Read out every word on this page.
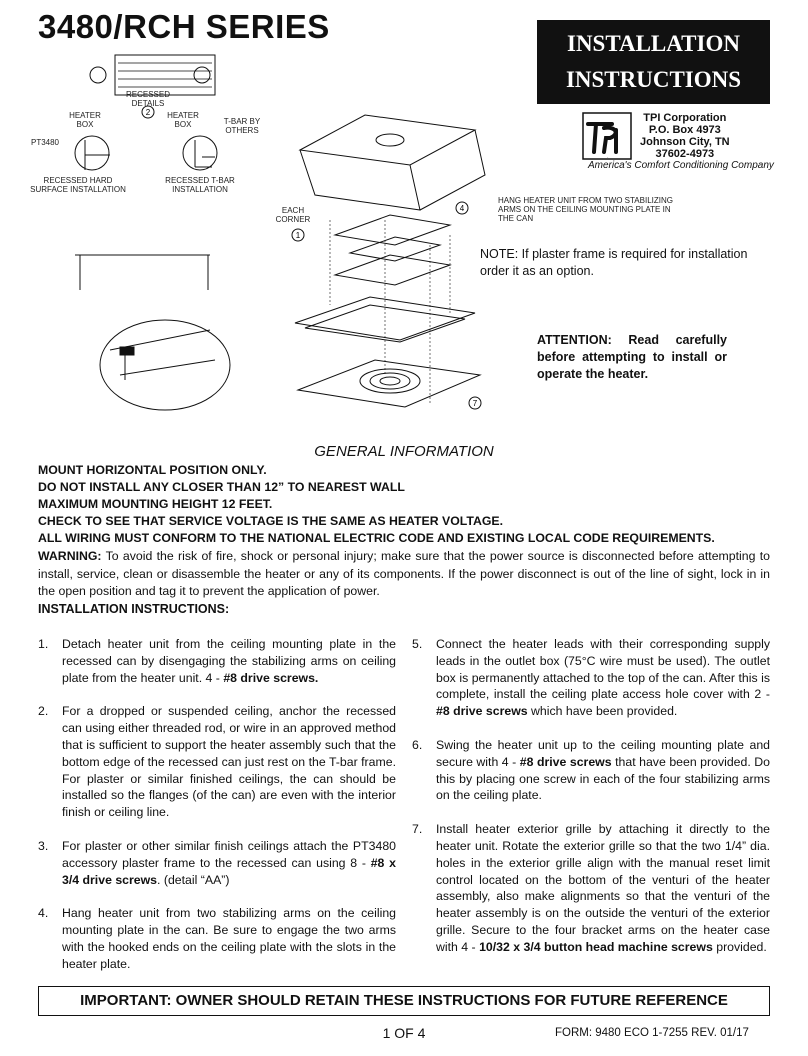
3480/RCH SERIES	INSTALLATION
INSTRUCTIONS
tpi
TPI Corporation
P.O. Box 4973
Johnson City, TN
37602-4973
America's Comfort Conditioning Company
2
1
4
7
RECESSED DETAILS
HEATER BOX
PT3480
RECESSED HARD SURFACE INSTALLATION
HEATER BOX	T-BAR BY OTHERS
RECESSED T-BAR INSTALLATION
EACH CORNER
HANG HEATER UNIT FROM TWO STABILIZING ARMS ON THE CEILING MOUNTING PLATE IN THE CAN
NOTE: If plaster frame is required for installation order it as an option.
ATTENTION: Read carefully before attempting to install or operate the heater.
GENERAL INFORMATION
MOUNT HORIZONTAL POSITION ONLY.
DO NOT INSTALL ANY CLOSER THAN 12” TO NEAREST WALL
MAXIMUM MOUNTING HEIGHT 12 FEET.
CHECK TO SEE THAT SERVICE VOLTAGE IS THE SAME AS HEATER VOLTAGE.
ALL WIRING MUST CONFORM TO THE NATIONAL ELECTRIC CODE AND EXISTING LOCAL CODE REQUIREMENTS.
WARNING: To avoid the risk of fire, shock or personal injury; make sure that the power source is disconnected before attempting to install, service, clean or disassemble the heater or any of its components. If the power disconnect is out of the line of sight, lock in in the open position and tag it to prevent the application of power.
INSTALLATION INSTRUCTIONS:
1.	Detach heater unit from the ceiling mounting plate in the recessed can by disengaging the stabilizing arms on ceiling plate from the heater unit. 4 - #8 drive screws.
2.	For a dropped or suspended ceiling, anchor the recessed can using either threaded rod, or wire in an approved method that is sufficient to support the heater assembly such that the bottom edge of the recessed can just rest on the T-bar frame. For plaster or similar finished ceilings, the can should be installed so the flanges (of the can) are even with the interior finish or ceiling line.
3.	For plaster or other similar finish ceilings attach the PT3480 accessory plaster frame to the recessed can using 8 - #8 x 3/4 drive screws. (detail “AA”)
4.	Hang heater unit from two stabilizing arms on the ceiling mounting plate in the can. Be sure to engage the two arms with the hooked ends on the ceiling plate with the slots in the heater plate.
5.	Connect the heater leads with their corresponding supply leads in the outlet box (75°C wire must be used). The outlet box is permanently attached to the top of the can. After this is complete, install the ceiling plate access hole cover with 2 - #8 drive screws which have been provided.
6.	Swing the heater unit up to the ceiling mounting plate and secure with 4 - #8 drive screws that have been provided. Do this by placing one screw in each of the four stabilizing arms on the ceiling plate.
7.	Install heater exterior grille by attaching it directly to the heater unit. Rotate the exterior grille so that the two 1/4” dia. holes in the exterior grille align with the manual reset limit control located on the bottom of the venturi of the heater assembly, also make alignments so that the venturi of the heater assembly is on the outside the venturi of the exterior grille. Secure to the four bracket arms on the heater case with 4 - 10/32 x 3/4 button head machine screws provided.
IMPORTANT: OWNER SHOULD RETAIN THESE INSTRUCTIONS FOR FUTURE REFERENCE
1 OF 4	FORM: 9480 ECO 1-7255 REV. 01/17
